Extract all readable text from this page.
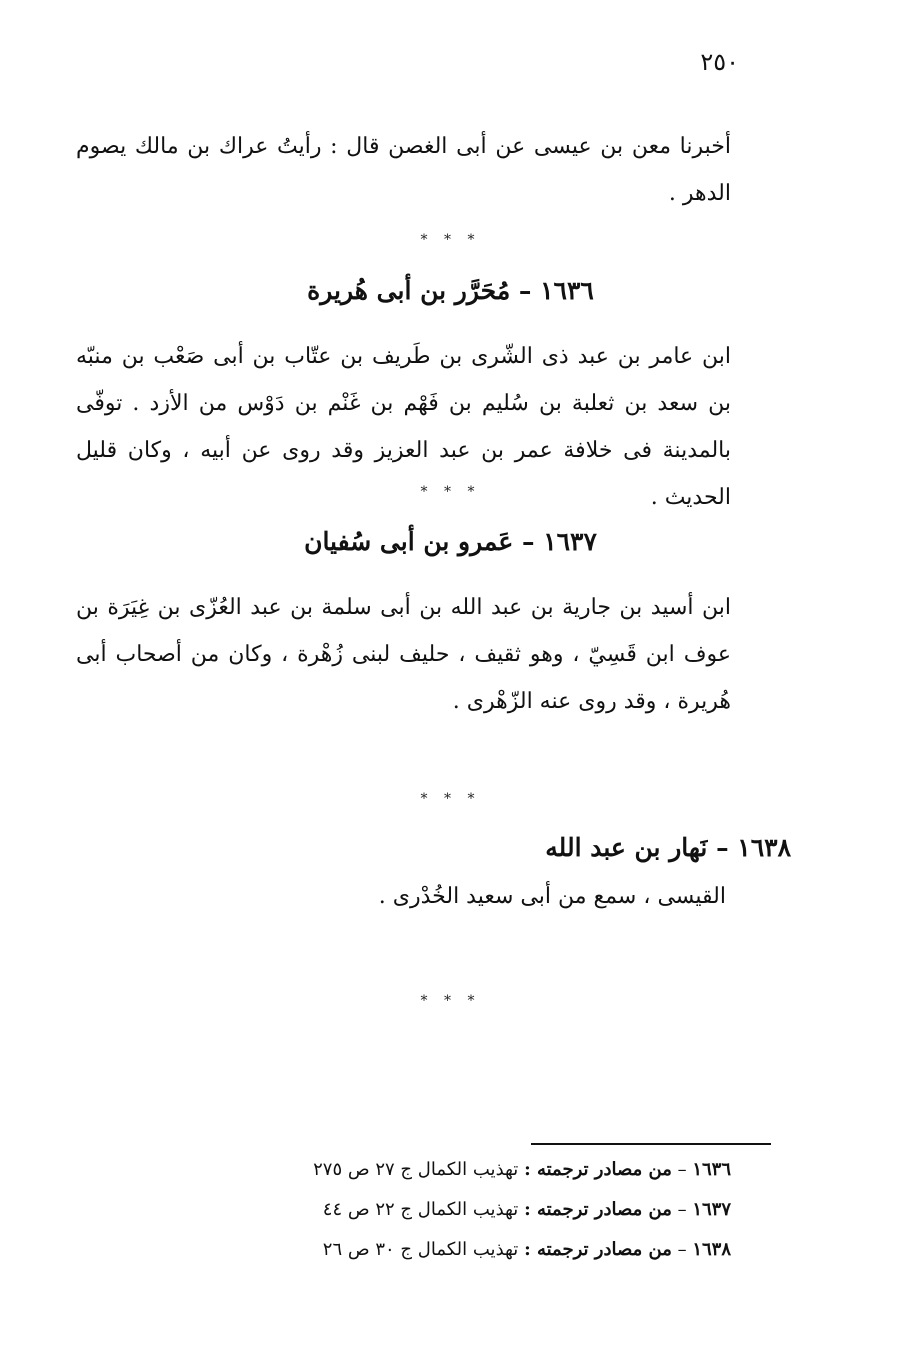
٢٥٠

أخبرنا معن بن عيسى عن أبى الغصن قال : رأيتُ عراك بن مالك يصوم الدهر .

* * *
١٦٣٦ – مُحَرَّر بن أبى هُريرة

ابن عامر بن عبد ذى الشّرى بن طَريف بن عتّاب بن أبى صَعْب بن منبّه بن سعد بن ثعلبة بن سُليم بن فَهْم بن غَنْم بن دَوْس من الأزد . توفّى بالمدينة فى خلافة عمر بن عبد العزيز وقد روى عن أبيه ، وكان قليل الحديث .

* * *
١٦٣٧ – عَمرو بن أبى سُفيان

ابن أسيد بن جارية بن عبد الله بن أبى سلمة بن عبد العُزّى بن غِيَرَة بن عوف ابن قَسِيّ ، وهو ثقيف ، حليف لبنى زُهْرة ، وكان من أصحاب أبى هُريرة ، وقد روى عنه الزّهْرى .

* * *
١٦٣٨ – نَهار بن عبد الله

القيسى ، سمع من أبى سعيد الخُدْرى .

* * *
١٦٣٦ – من مصادر ترجمته : تهذيب الكمال ج ٢٧ ص ٢٧٥
١٦٣٧ – من مصادر ترجمته : تهذيب الكمال ج ٢٢ ص ٤٤
١٦٣٨ – من مصادر ترجمته : تهذيب الكمال ج ٣٠ ص ٢٦
